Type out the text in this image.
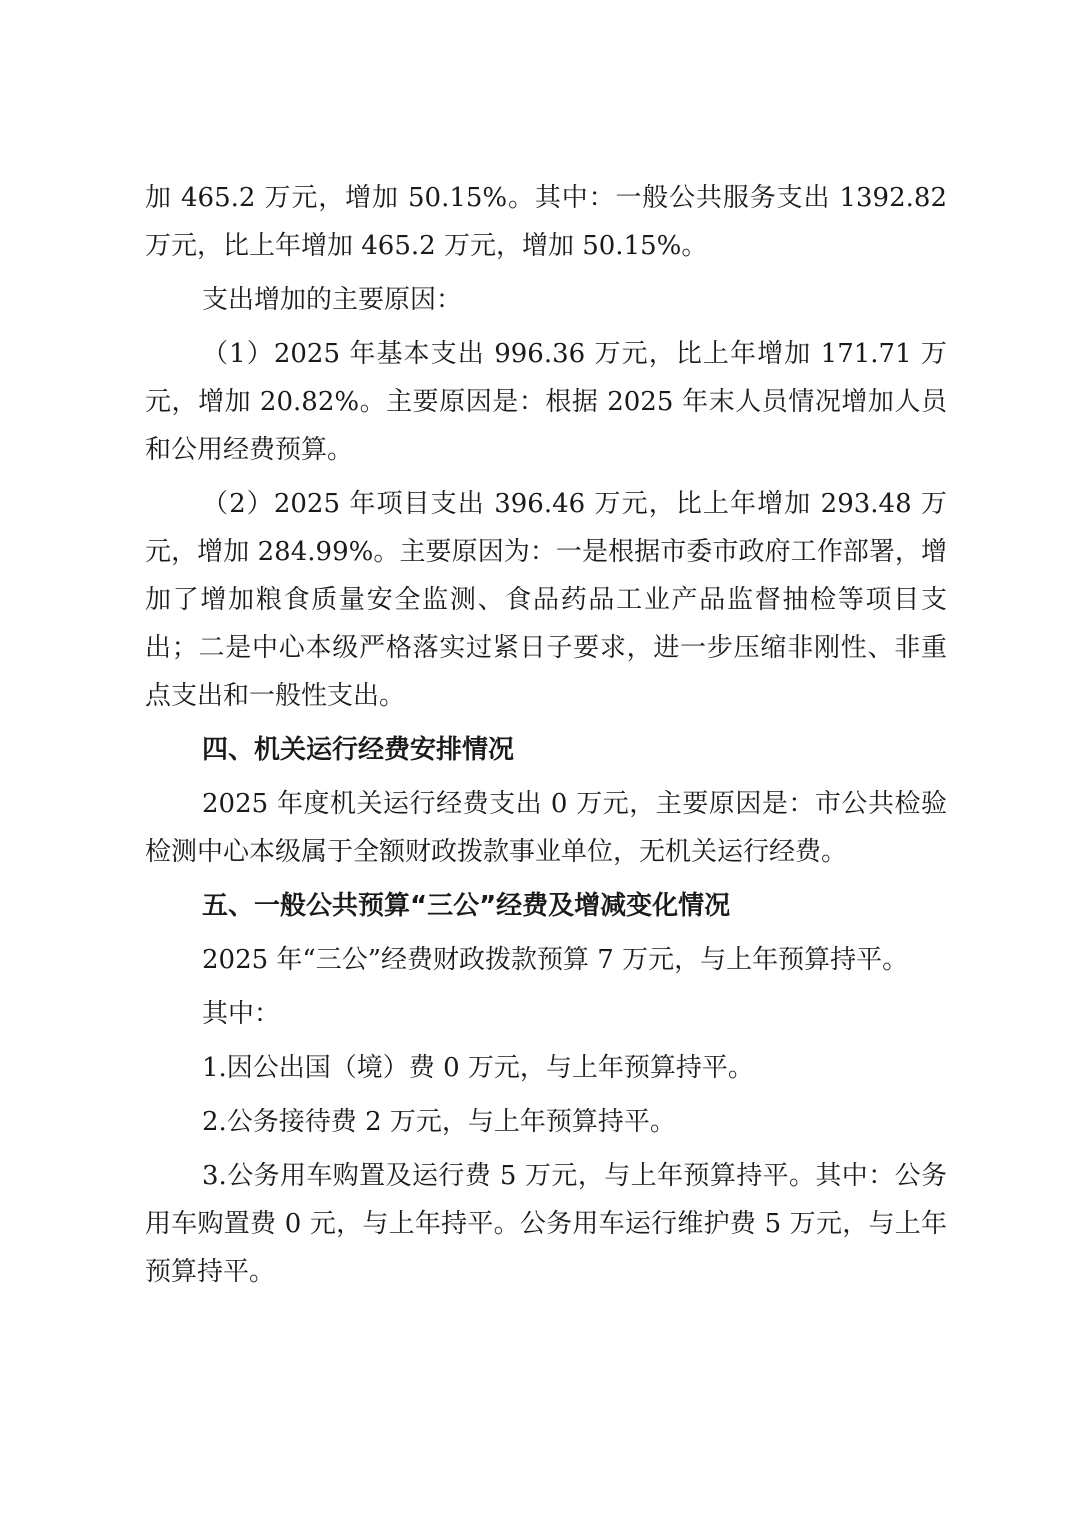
加 465.2 万元，增加 50.15%。其中：一般公共服务支出 1392.82 万元，比上年增加 465.2 万元，增加 50.15%。

支出增加的主要原因：

（1）2025 年基本支出 996.36 万元，比上年增加 171.71 万元，增加 20.82%。主要原因是：根据 2025 年末人员情况增加人员和公用经费预算。

（2）2025 年项目支出 396.46 万元，比上年增加 293.48 万元，增加 284.99%。主要原因为：一是根据市委市政府工作部署，增加了增加粮食质量安全监测、食品药品工业产品监督抽检等项目支出；二是中心本级严格落实过紧日子要求，进一步压缩非刚性、非重点支出和一般性支出。

四、机关运行经费安排情况

2025 年度机关运行经费支出 0 万元，主要原因是：市公共检验检测中心本级属于全额财政拨款事业单位，无机关运行经费。

五、一般公共预算“三公”经费及增减变化情况

2025 年“三公”经费财政拨款预算 7 万元，与上年预算持平。

其中：

1.因公出国（境）费 0 万元，与上年预算持平。

2.公务接待费 2 万元，与上年预算持平。

3.公务用车购置及运行费 5 万元，与上年预算持平。其中：公务用车购置费 0 元，与上年持平。公务用车运行维护费 5 万元，与上年预算持平。
